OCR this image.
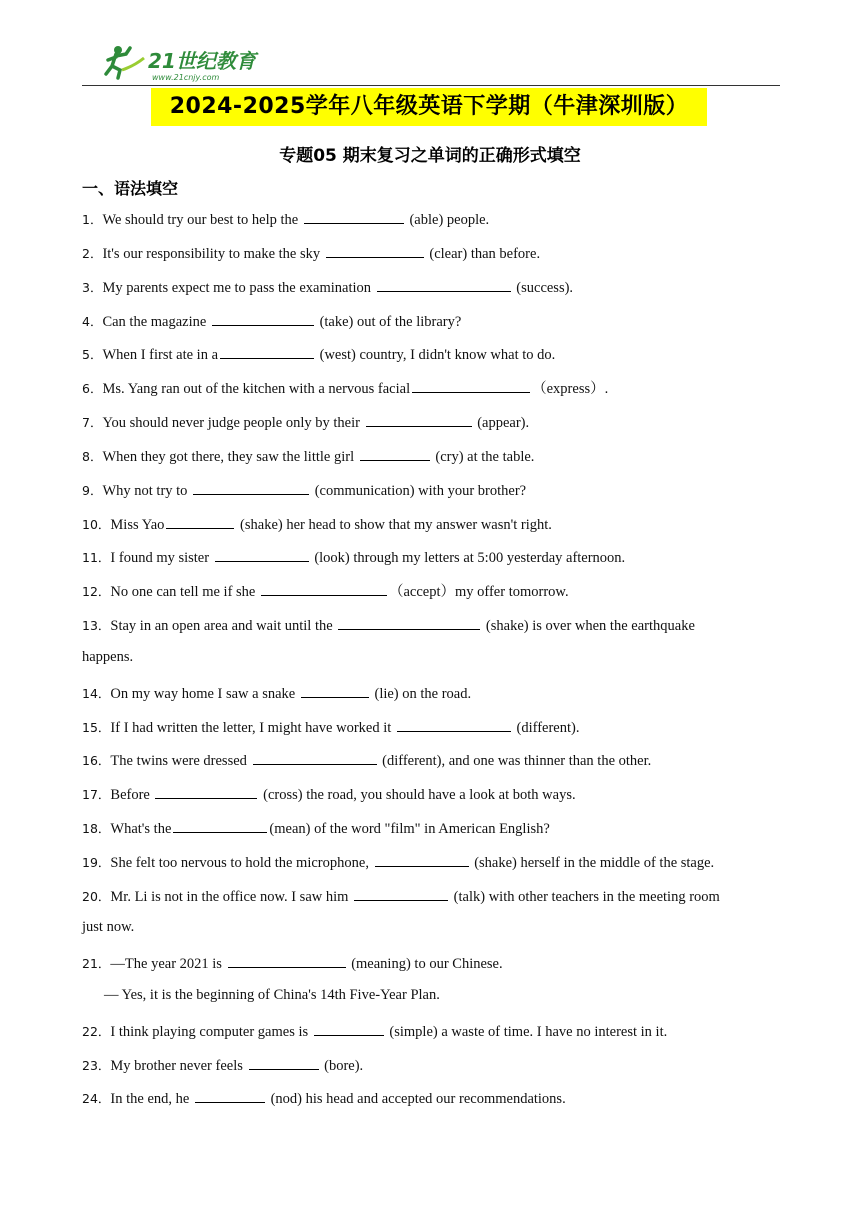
21世纪教育
www.21cnjy.com
2024-2025学年八年级英语下学期（牛津深圳版）
专题05 期末复习之单词的正确形式填空
一、语法填空
1．We should try our best to help the	(able) people.
2．It's our responsibility to make the sky	(clear) than before.
3．My parents expect me to pass the examination	(success).
4．Can the magazine	(take) out of the library?
5．When I first ate in a	(west) country, I didn't know what to do.
6．Ms. Yang ran out of the kitchen with a nervous facial	（express）.
7．You should never judge people only by their	(appear).
8．When they got there, they saw the little girl	(cry) at the table.
9．Why not try to	(communication) with your brother?
10．Miss Yao	(shake) her head to show that my answer wasn't right.
11．I found my sister	(look) through my letters at 5:00 yesterday afternoon.
12．No one can tell me if she	（accept）my offer tomorrow.
13．Stay in an open area and wait until the	(shake) is over when the earthquake
happens.
14．On my way home I saw a snake	(lie) on the road.
15．If I had written the letter, I might have worked it	(different).
16．The twins were dressed	(different), and one was thinner than the other.
17．Before	(cross) the road, you should have a look at both ways.
18．What's the	(mean) of the word "film" in American English?
19．She felt too nervous to hold the microphone,	(shake) herself in the middle of the stage.
20．Mr. Li is not in the office now. I saw him	(talk) with other teachers in the meeting room
just now.
21．—The year 2021 is	(meaning) to our Chinese.
— Yes, it is the beginning of China's 14th Five-Year Plan.
22．I think playing computer games is	(simple) a waste of time. I have no interest in it.
23．My brother never feels	(bore).
24．In the end, he	(nod) his head and accepted our recommendations.
